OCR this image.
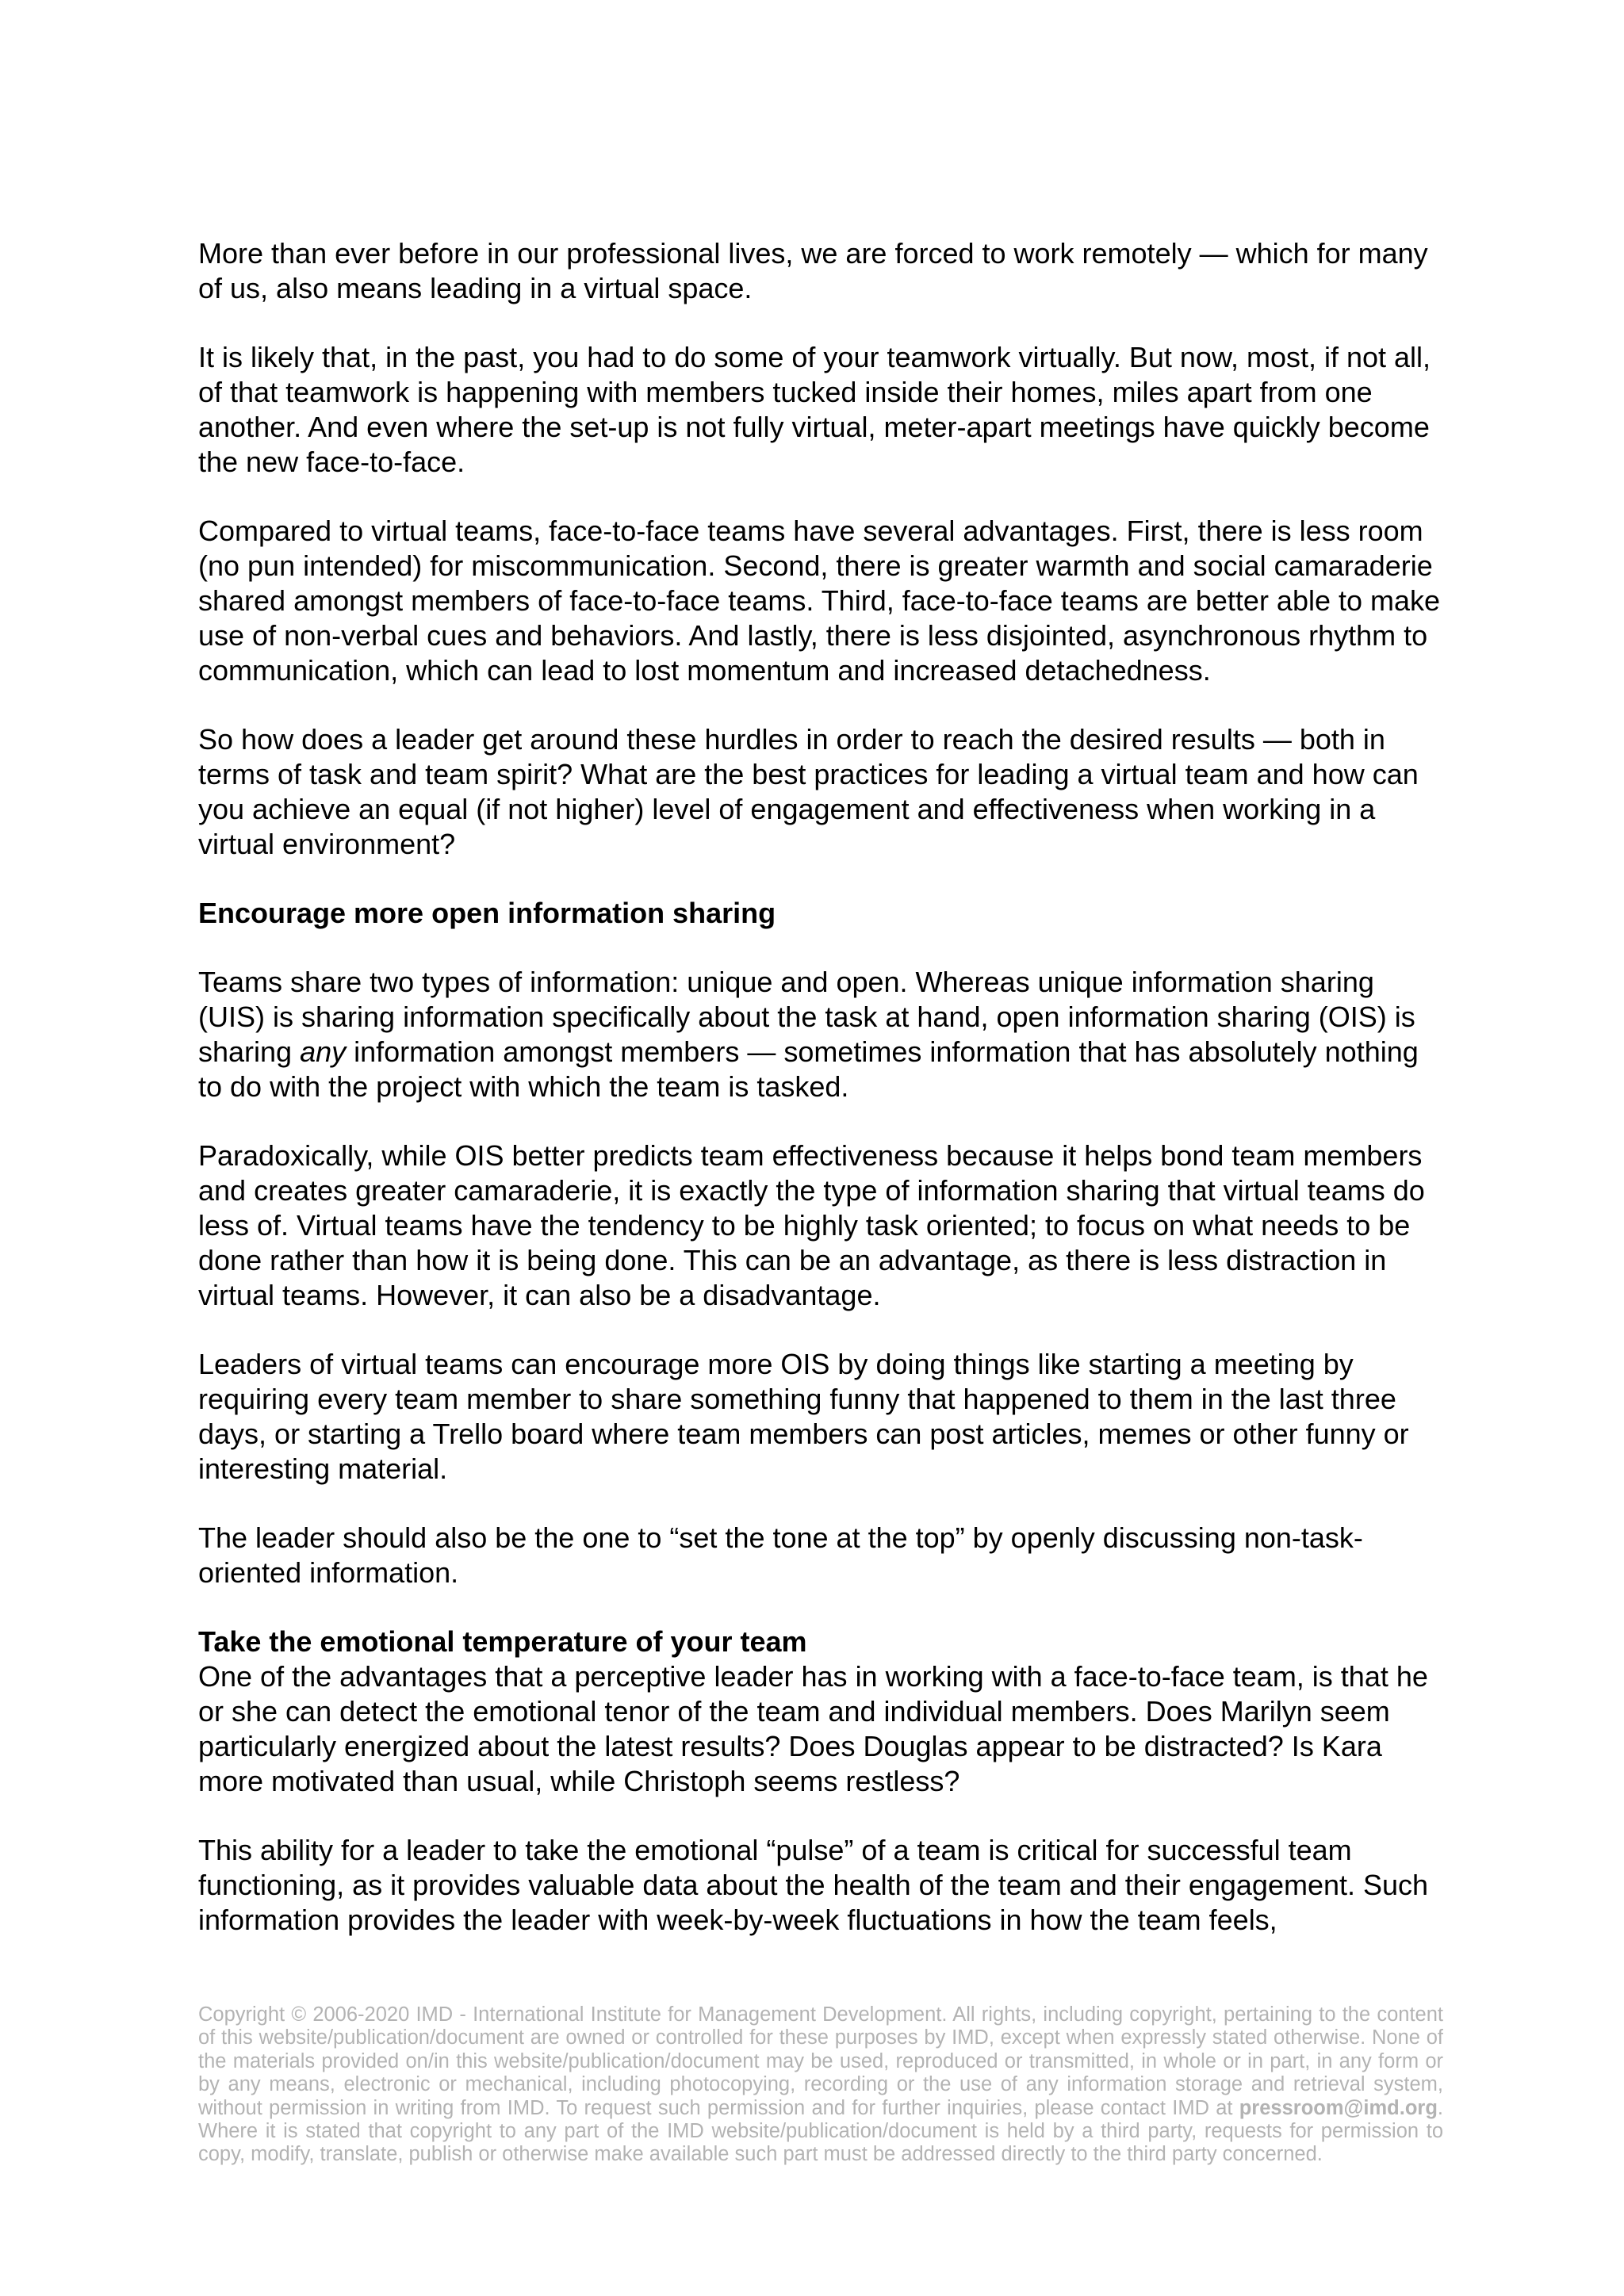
More than ever before in our professional lives, we are forced to work remotely — which for many of us, also means leading in a virtual space.

It is likely that, in the past, you had to do some of your teamwork virtually. But now, most, if not all, of that teamwork is happening with members tucked inside their homes, miles apart from one another. And even where the set-up is not fully virtual, meter-apart meetings have quickly become the new face-to-face.

Compared to virtual teams, face-to-face teams have several advantages. First, there is less room (no pun intended) for miscommunication. Second, there is greater warmth and social camaraderie shared amongst members of face-to-face teams. Third, face-to-face teams are better able to make use of non-verbal cues and behaviors. And lastly, there is less disjointed, asynchronous rhythm to communication, which can lead to lost momentum and increased detachedness.

So how does a leader get around these hurdles in order to reach the desired results — both in terms of task and team spirit? What are the best practices for leading a virtual team and how can you achieve an equal (if not higher) level of engagement and effectiveness when working in a virtual environment?

Encourage more open information sharing

Teams share two types of information: unique and open. Whereas unique information sharing (UIS) is sharing information specifically about the task at hand, open information sharing (OIS) is sharing any information amongst members — sometimes information that has absolutely nothing to do with the project with which the team is tasked.

Paradoxically, while OIS better predicts team effectiveness because it helps bond team members and creates greater camaraderie, it is exactly the type of information sharing that virtual teams do less of. Virtual teams have the tendency to be highly task oriented; to focus on what needs to be done rather than how it is being done. This can be an advantage, as there is less distraction in virtual teams. However, it can also be a disadvantage.

Leaders of virtual teams can encourage more OIS by doing things like starting a meeting by requiring every team member to share something funny that happened to them in the last three days, or starting a Trello board where team members can post articles, memes or other funny or interesting material.

The leader should also be the one to “set the tone at the top” by openly discussing non-task-oriented information.

Take the emotional temperature of your team

One of the advantages that a perceptive leader has in working with a face-to-face team, is that he or she can detect the emotional tenor of the team and individual members. Does Marilyn seem particularly energized about the latest results? Does Douglas appear to be distracted? Is Kara more motivated than usual, while Christoph seems restless?

This ability for a leader to take the emotional “pulse” of a team is critical for successful team functioning, as it provides valuable data about the health of the team and their engagement. Such information provides the leader with week-by-week fluctuations in how the team feels,

Copyright © 2006-2020 IMD - International Institute for Management Development. All rights, including copyright, pertaining to the content of this website/publication/document are owned or controlled for these purposes by IMD, except when expressly stated otherwise. None of the materials provided on/in this website/publication/document may be used, reproduced or transmitted, in whole or in part, in any form or by any means, electronic or mechanical, including photocopying, recording or the use of any information storage and retrieval system, without permission in writing from IMD. To request such permission and for further inquiries, please contact IMD at pressroom@imd.org. Where it is stated that copyright to any part of the IMD website/publication/document is held by a third party, requests for permission to copy, modify, translate, publish or otherwise make available such part must be addressed directly to the third party concerned.
